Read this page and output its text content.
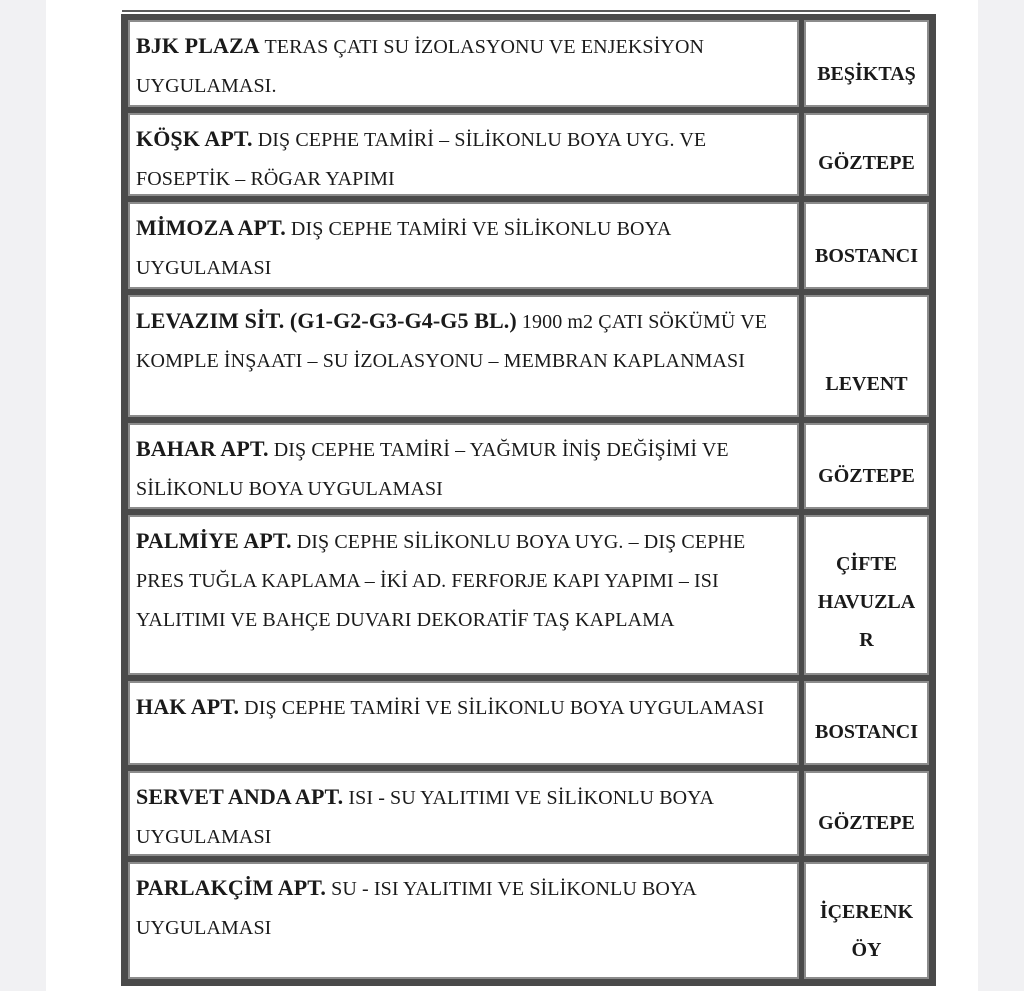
BJK PLAZA TERAS ÇATI SU İZOLASYONU VE ENJEKSİYON UYGULAMASI.

BEŞİKTAŞ

KÖŞK APT. DIŞ CEPHE TAMİRİ – SİLİKONLU BOYA UYG. VE FOSEPTİK – RÖGAR YAPIMI

GÖZTEPE

MİMOZA APT. DIŞ CEPHE TAMİRİ VE SİLİKONLU BOYA UYGULAMASI

BOSTANCI

LEVAZIM SİT. (G1-G2-G3-G4-G5 BL.) 1900 m2 ÇATI SÖKÜMÜ VE KOMPLE İNŞAATI – SU İZOLASYONU – MEMBRAN KAPLANMASI

LEVENT

BAHAR APT. DIŞ CEPHE TAMİRİ – YAĞMUR İNİŞ DEĞİŞİMİ VE SİLİKONLU BOYA UYGULAMASI

GÖZTEPE

PALMİYE APT. DIŞ CEPHE SİLİKONLU BOYA UYG. – DIŞ CEPHE PRES TUĞLA KAPLAMA – İKİ AD. FERFORJE KAPI YAPIMI – ISI YALITIMI VE BAHÇE DUVARI DEKORATİF TAŞ KAPLAMA

ÇİFTE
HAVUZLA
R

HAK APT. DIŞ CEPHE TAMİRİ VE SİLİKONLU BOYA UYGULAMASI

BOSTANCI

SERVET ANDA APT. ISI - SU YALITIMI VE SİLİKONLU BOYA UYGULAMASI

GÖZTEPE

PARLAKÇİM APT. SU - ISI YALITIMI VE SİLİKONLU BOYA UYGULAMASI

İÇERENK
ÖY
